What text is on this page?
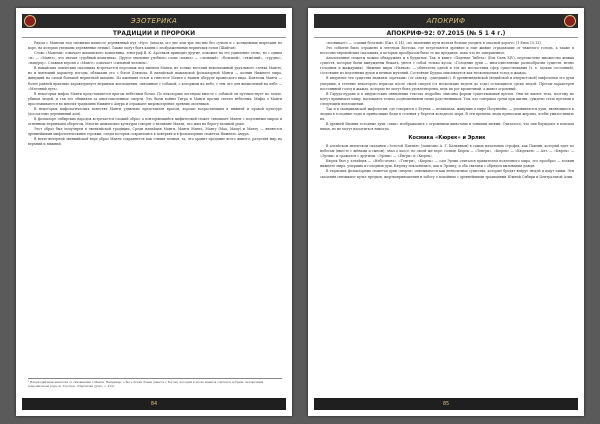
ЭЗОТЕРИКА
ТРАДИЦИИ И ПРОРОКИ

Рядом с Манеми под снежным нашесте деревянный пуд «Нуэ» (иногда это две или три листвы без сучьев и с кольцевыми вырезами по коре, на которых увешаны деревянные птицы). Также могут быть камни с изображениями нерпичьих голов (Шайган).

Слово «Манеми» означает шаманского кошатника, этнограф В. К. Арсеньев приводит другие, похожие на это удивление слово, но с одним «н» — «Манге», что значит «удобный кошатник». Другое значение удобного слова «манга» — «сильный», «большой», «тяжелый», «трудно», «наверху». Славная версия о «Манге» означает «сильный человек».

В нанайских эпических сказаниях встречается персонаж под именем Манги, не только веселый невозможный удачливого сзенка Мангю, но и имеющий характер погоды, облаками его с богов Дзямола. В нанайской шаманской фольклорной Манги — хозяин Нижнего мира, живущий на самой большой нерпичьей шамане. Из имевших сезон к гипотезе Манги о нашем оберуде вражеского вида. Фантомы Манги — более ранней практике характеризует нерпичьи воплощения, связанные с собакой, с которыми на небо, с тем что для вычислений на небе — «Млечный путь».

В некоторых мифах Манги представляется врагом небесным богам. По некоторым легендам вместе с собакой он путешествует по земле, убивая людей, и так его обвиняли за многочисленные смерти. Это были войны Тигра и Манги против светил небесных. Мифы о Манги прослеживаются во многих традициях Нижнего Амура и отражают мировоззрение древних охотников.

В некоторых мифологических повестях Манги удивлено представлен врагом, хорошо возрастающим в нижней и правой культуре (достаточно деревянный дом).

В фольклоре сибирских народов встречается схожий образ, а повторяющийся мифический сюжет связывает Манги с подземным миром и огненным нерпичьим оберегом. Многие шаманские культуры говорят о великане Манги, что жил на берегу великой реки.

Этот образ был популярен в эвенкийской традиции. Среди нанайцев Манги, Манги Манга, Мангу (Маа, Маму) и Мангу — являются древнейшими мифологическими героями, следы которых сохранились в поверьях и в фольклорных сюжетах Нижнего Амура.

В ветхо-вечерней эвенкийской вере образ Манги сохраняется как стихия земная, та, что хранит предание всего живого, разделяя мир на верхний и нижний.

¹ Непраздничная аналогия со сказаниями о Манги. Например, о Боге Эскиз Эльни (вместе с Богом), который в эпохе эвенков считался добрым, человечным, покровителем рода (А. Торопов, «Нерпичьи духи», с. 412).
84
АПОКРИФ
АПОКРИФ-92: 07.2015 (№ 5 1 4 г.)

«возникает» — «самый богатый» (Быт. 6:14); «по знамению пути нельзя больше уходить в опасной дороге» (1 Енох 15,13).

Это событие было отражено в легендах Востока, где встречаются древние и еще живые страдающие от тяжелого голода, а также в восточно-европейских сказаниях, в которых прообразом было то же предание, пока что не завершенное.

Аналогичные сюжеты можно обнаружить и в буддизме. Так, в книге «Падение Тибета» (Бэк Санъ XIV), перечислено множество живых существ, которые были вынуждены бежать, унеся с собой только кусок: «Голодные духи — многочисленные разнообразия существ, вечно голодных и жаждущих». Нижние миры «Ньяков» — обитатели одной и тех же несчастных сфер существования (т. е. адских состояний), состоящие из подземных духов и вечных мучений. Состояние Буддха описывается как нескончаемая голод и жажда.

В индуизме эти существа названы «претами» (от санскр. «ушедший»). В древнеиндийской (ведийской и индуистской) мифологии это духи умерших, в течение некоторого периода после своей смерти (от нескольких недель до года) остающиеся среди людей. Претам характерен постоянный голод и жажда, которые не могут быть удовлетворены, ведь их рот крошечный, а живот огромный.

В Гаруда-пуране и в индуистских священных текстах подробно описаны формы существования претов. Они не имеют тела, поэтому не могут принимать пищу, насыщаясь только подношениями своих родственников. Тем, кто совершал грехи при жизни, суждено стать претами в следующем воплощении.

Так и в скандинавской мифологии, где говорится о Етунах — великанах, живущих в мире Йотунхейм, — упоминаются духи, являющиеся к людям в голодные годы и приносящие беды в селения у берегов холодного моря. В эти времена люди приносили жертвы, чтобы умилостивить их.

В древней Японии голодные духи «гаки» изображались с огромными животами и тонкими шеями. Считалось, что они блуждают в поисках пищи, но не могут насытиться никогда.

Космика «Кюрек» и Эрлик

В алтайском эпическом сказании «Золотой Павлин» (записано А. Г. Калкиным) в самых начальных строфах, как Павлин, который идет по небесам (вместе с жёнами и сыном), знал о хаосе, по своей же вере: солнце Кюрек — «Тенгри», «Кюрек» — «Кюрекен» — Алт. — «Кюрек» — «Эрлик» и сражался с другими. «Эрлик» — «Ёнгри» и «Кюрек».

Кюрек был у алтайцев — «Небо-огонь», «Тенгри», «Кюрек» — сам Эрлик считался правителем подземного мира, его прообраз — хозяин нижнего мира, умерших и голодных душ. Кюреку поклонялись, как и Эрлику, и оба связаны с обрядом вызывания дождя.

В тюркских фольклорных сюжетах духи «кюрек» описываются как ненасытные существа, которые бродят вокруг людей и ищут пищи. Эти сказания связывают культ предков, жертвоприношения и заботу о покойных с древнейшими традициями Южной Сибири и Центральной Азии.

85
